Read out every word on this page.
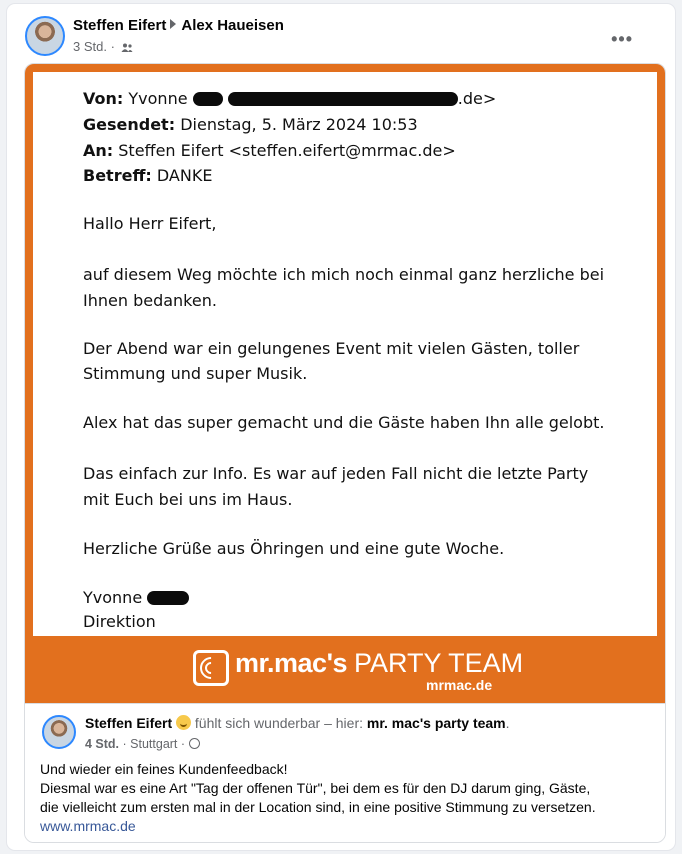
Steffen Eifert Alex Haueisen
3 Std. ·	•••
Von: Yvonne	.de>
Gesendet: Dienstag, 5. März 2024 10:53
An: Steffen Eifert <steffen.eifert@mrmac.de>
Betreff: DANKE
Hallo Herr Eifert,
auf diesem Weg möchte ich mich noch einmal ganz herzliche bei
Ihnen bedanken.
Der Abend war ein gelungenes Event mit vielen Gästen, toller
Stimmung und super Musik.
Alex hat das super gemacht und die Gäste haben Ihn alle gelobt.
Das einfach zur Info. Es war auf jeden Fall nicht die letzte Party
mit Euch bei uns im Haus.
Herzliche Grüße aus Öhringen und eine gute Woche.
Yvonne
Direktion
mr.mac's PARTY TEAM
mrmac.de
Steffen Eifert fühlt sich wunderbar – hier: mr. mac's party team.
4 Std. · Stuttgart ·

Und wieder ein feines Kundenfeedback!

Diesmal war es eine Art "Tag der offenen Tür", bei dem es für den DJ darum ging, Gäste,

die vielleicht zum ersten mal in der Location sind, in eine positive Stimmung zu versetzen.

www.mrmac.de
